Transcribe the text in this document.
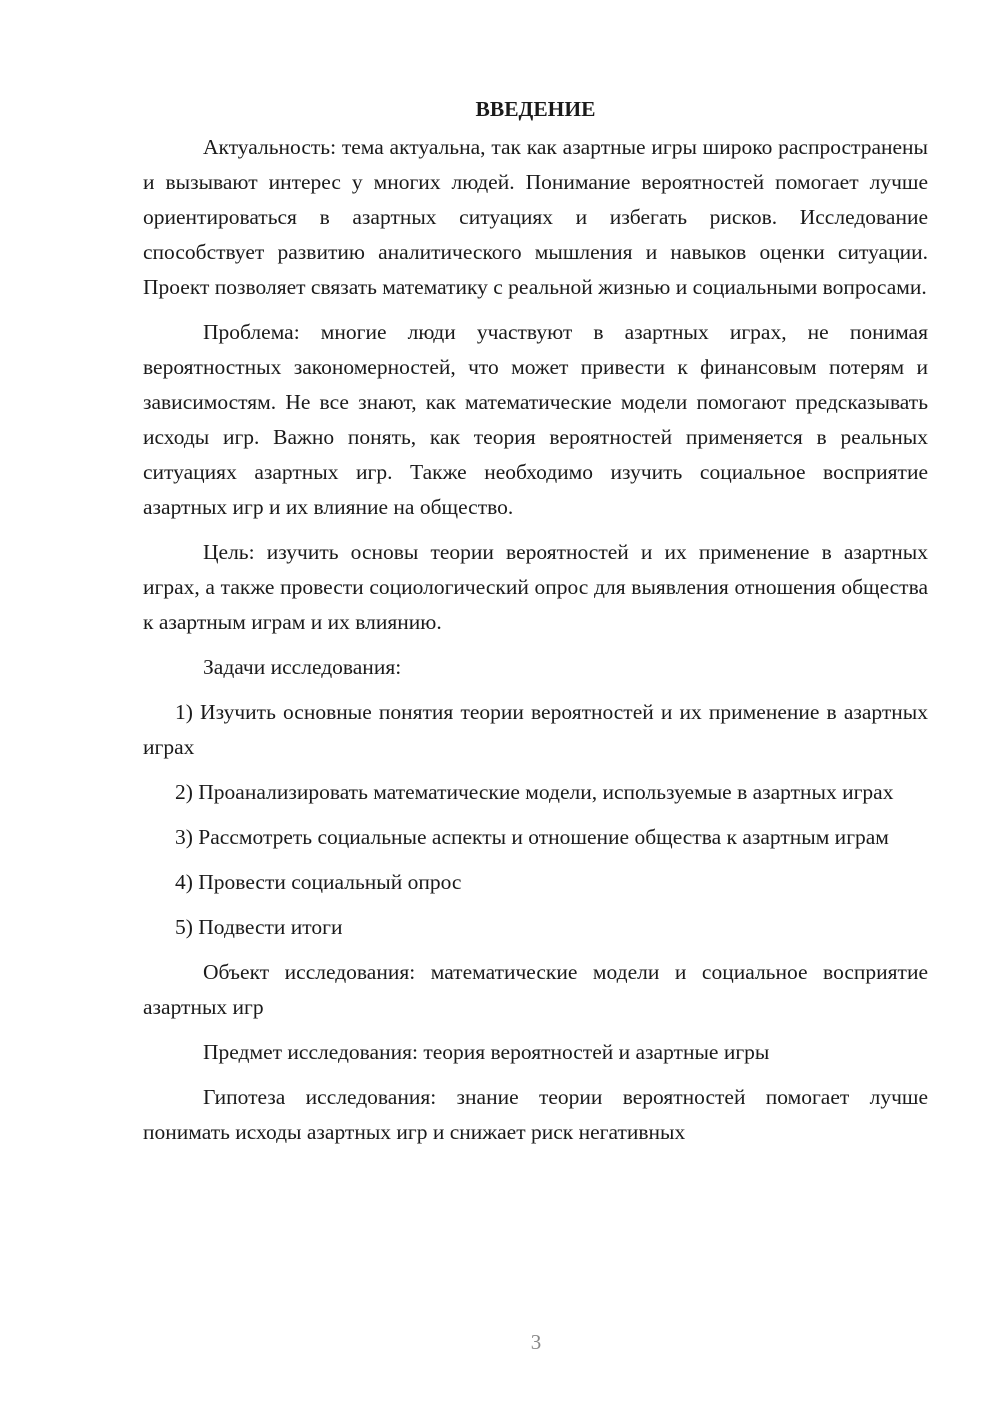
ВВЕДЕНИЕ

Актуальность: тема актуальна, так как азартные игры широко распространены и вызывают интерес у многих людей. Понимание вероятностей помогает лучше ориентироваться в азартных ситуациях и избегать рисков. Исследование способствует развитию аналитического мышления и навыков оценки ситуации. Проект позволяет связать математику с реальной жизнью и социальными вопросами.

Проблема: многие люди участвуют в азартных играх, не понимая вероятностных закономерностей, что может привести к финансовым потерям и зависимостям. Не все знают, как математические модели помогают предсказывать исходы игр. Важно понять, как теория вероятностей применяется в реальных ситуациях азартных игр. Также необходимо изучить социальное восприятие азартных игр и их влияние на общество.

Цель: изучить основы теории вероятностей и их применение в азартных играх, а также провести социологический опрос для выявления отношения общества к азартным играм и их влиянию.

Задачи исследования:

1) Изучить основные понятия теории вероятностей и их применение в азартных играх

2) Проанализировать математические модели, используемые в азартных играх

3) Рассмотреть социальные аспекты и отношение общества к азартным играм

4) Провести социальный опрос

5) Подвести итоги

Объект исследования: математические модели и социальное восприятие азартных игр

Предмет исследования: теория вероятностей и азартные игры

Гипотеза исследования: знание теории вероятностей помогает лучше понимать исходы азартных игр и снижает риск негативных

3
